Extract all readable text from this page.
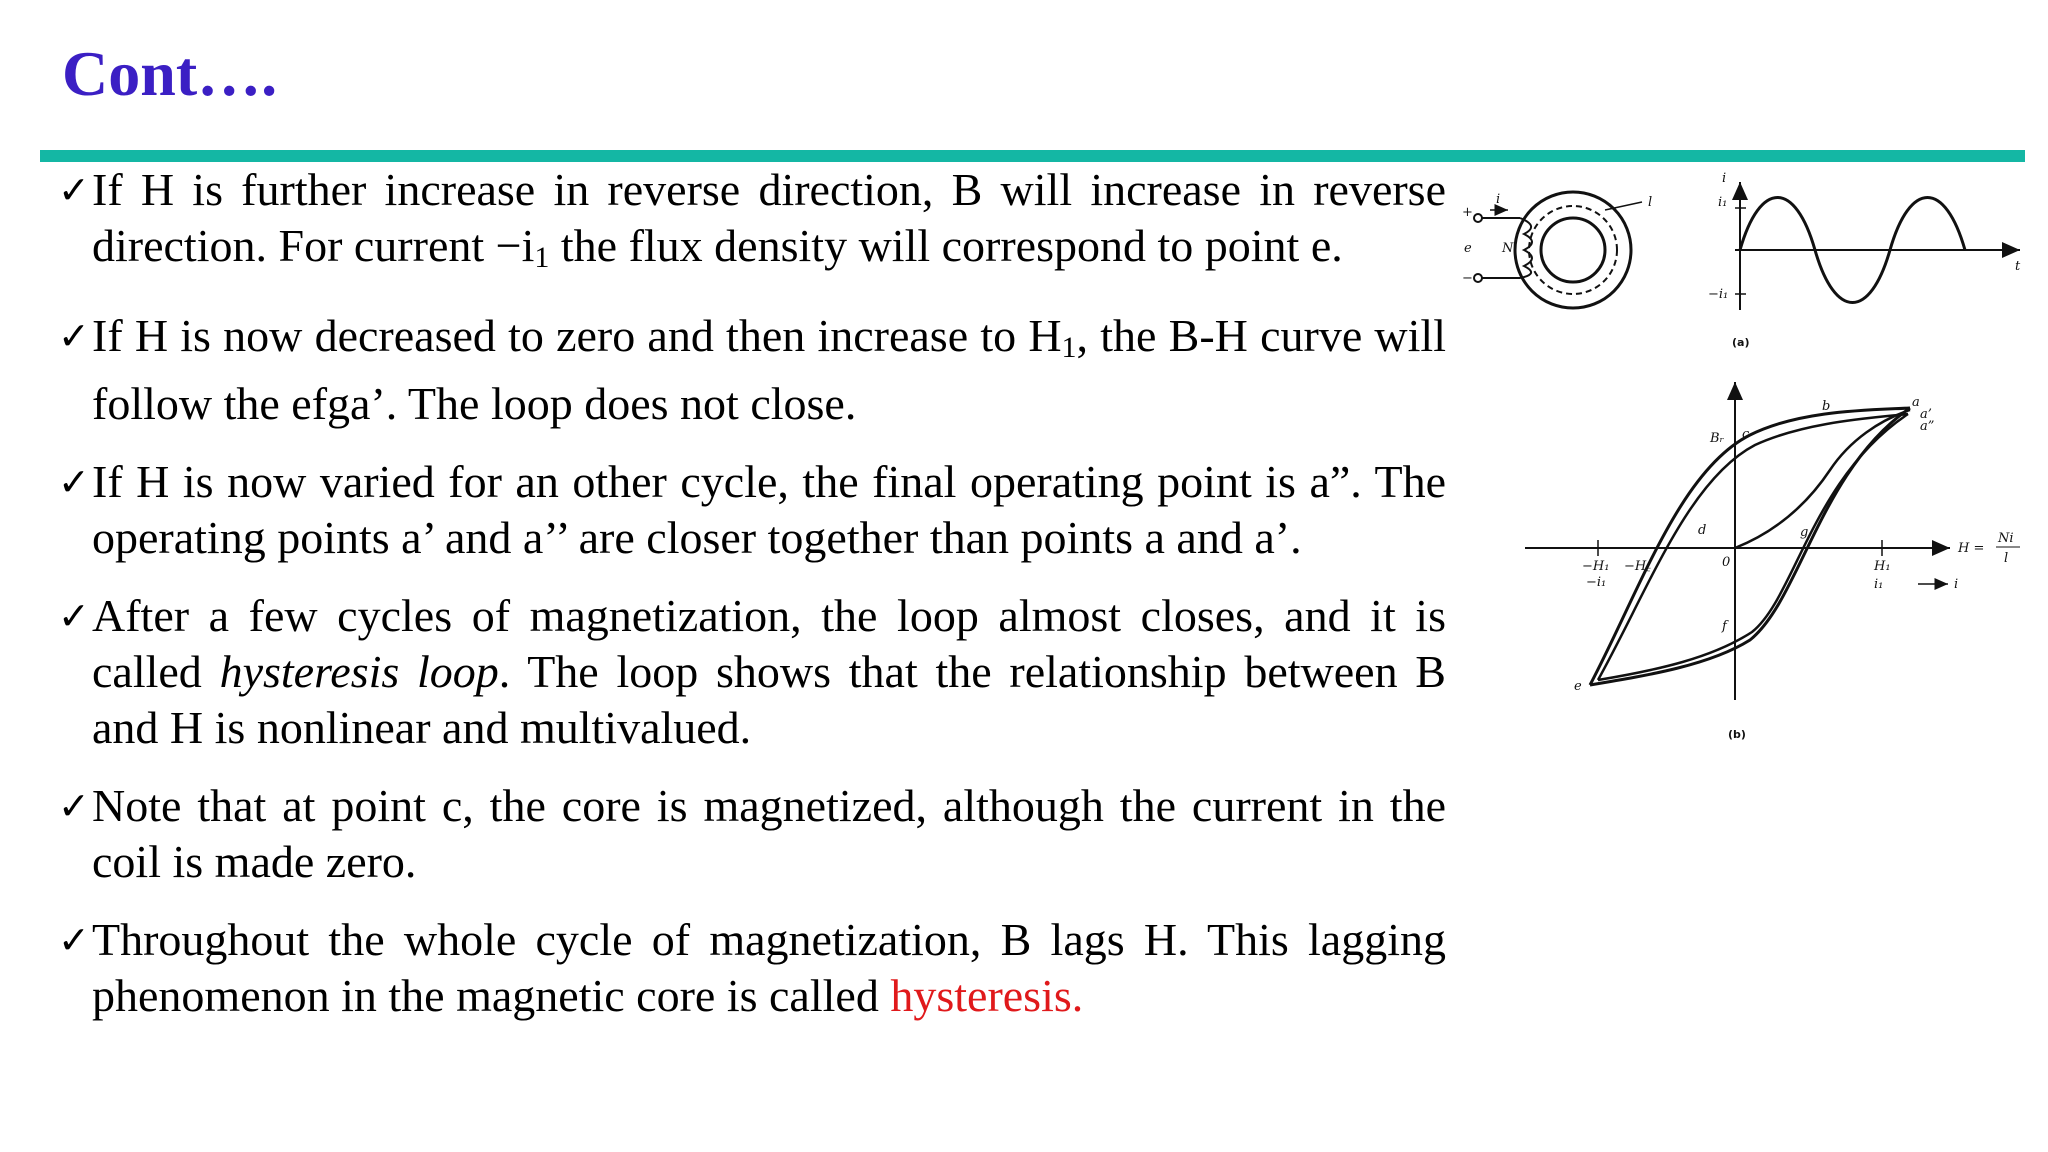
Cont….
✓ If H is further increase in reverse direction, B will increase in reverse direction. For current $-i_1$ the flux density will correspond to point e.
✓ If H is now decreased to zero and then increase to $H_1$, the B-H curve will follow the efga’. The loop does not close.
✓ If H is now varied for an other cycle, the final operating point is a”. The operating points a’ and a’’ are closer together than points a and a’.
✓ After a few cycles of magnetization, the loop almost closes, and it is called hysteresis loop. The loop shows that the relationship between B and H is nonlinear and multivalued.
✓ Note that at point c, the core is magnetized, although the current in the coil is made zero.
✓ Throughout the whole cycle of magnetization, B lags H. This lagging phenomenon in the magnetic core is called hysteresis.
i
e N
+
−
l
i
i₁
−i₁
t
(a)
a
a’
a”
b
c
d
e
f
g
Bᵣ
0
−H₁ −H꜀
−i₁
H₁
i₁
H =
Ni
l
i
(b)
